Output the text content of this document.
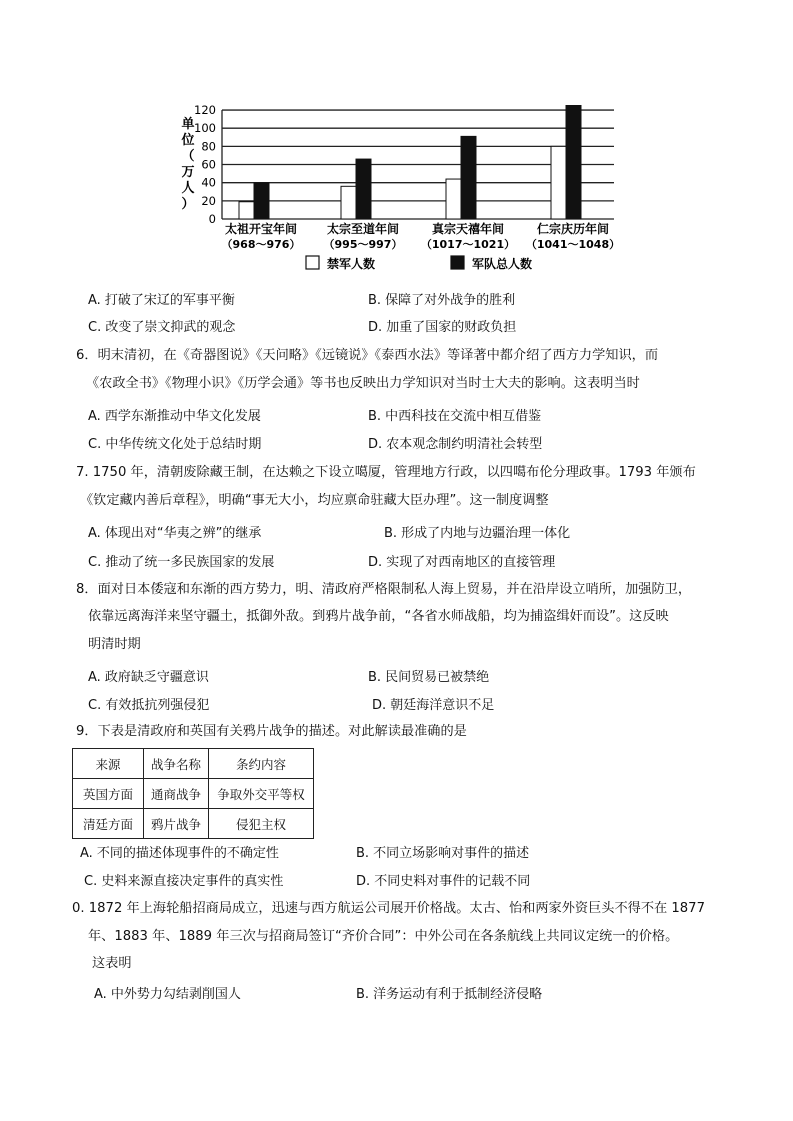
0
20
40
60
80
100
120
太祖开宝年间
（968～976）
太宗至道年间
（995～997）
真宗天禧年间
（1017～1021）
仁宗庆历年间
（1041～1048）
单位（万人）
禁军人数	军队总人数
A. 打破了宋辽的军事平衡	B. 保障了对外战争的胜利
C. 改变了崇文抑武的观念	D. 加重了国家的财政负担
6．明末清初，在《奇器图说》《天问略》《远镜说》《泰西水法》等译著中都介绍了西方力学知识，而
《农政全书》《物理小识》《历学会通》等书也反映出力学知识对当时士大夫的影响。这表明当时
A. 西学东渐推动中华文化发展	B. 中西科技在交流中相互借鉴
C. 中华传统文化处于总结时期	D. 农本观念制约明清社会转型
7. 1750 年，清朝废除藏王制，在达赖之下设立噶厦，管理地方行政，以四噶布伦分理政事。1793 年颁布
《钦定藏内善后章程》，明确“事无大小，均应禀命驻藏大臣办理”。这一制度调整
A. 体现出对“华夷之辨”的继承	B. 形成了内地与边疆治理一体化
C. 推动了统一多民族国家的发展	D. 实现了对西南地区的直接管理
8．面对日本倭寇和东渐的西方势力，明、清政府严格限制私人海上贸易，并在沿岸设立哨所，加强防卫，
依靠远离海洋来坚守疆土，抵御外敌。到鸦片战争前，“各省水师战船，均为捕盗缉奸而设”。这反映
明清时期
A. 政府缺乏守疆意识	B. 民间贸易已被禁绝
C. 有效抵抗列强侵犯	D. 朝廷海洋意识不足
9．下表是清政府和英国有关鸦片战争的描述。对此解读最准确的是
来源	战争名称	条约内容
英国方面	通商战争	争取外交平等权
清廷方面	鸦片战争	侵犯主权
A. 不同的描述体现事件的不确定性	B. 不同立场影响对事件的描述
C. 史料来源直接决定事件的真实性	D. 不同史料对事件的记载不同
0. 1872 年上海轮船招商局成立，迅速与西方航运公司展开价格战。太古、怡和两家外资巨头不得不在 1877
年、1883 年、1889 年三次与招商局签订“齐价合同”：中外公司在各条航线上共同议定统一的价格。
这表明
A. 中外势力勾结剥削国人	B. 洋务运动有利于抵制经济侵略
